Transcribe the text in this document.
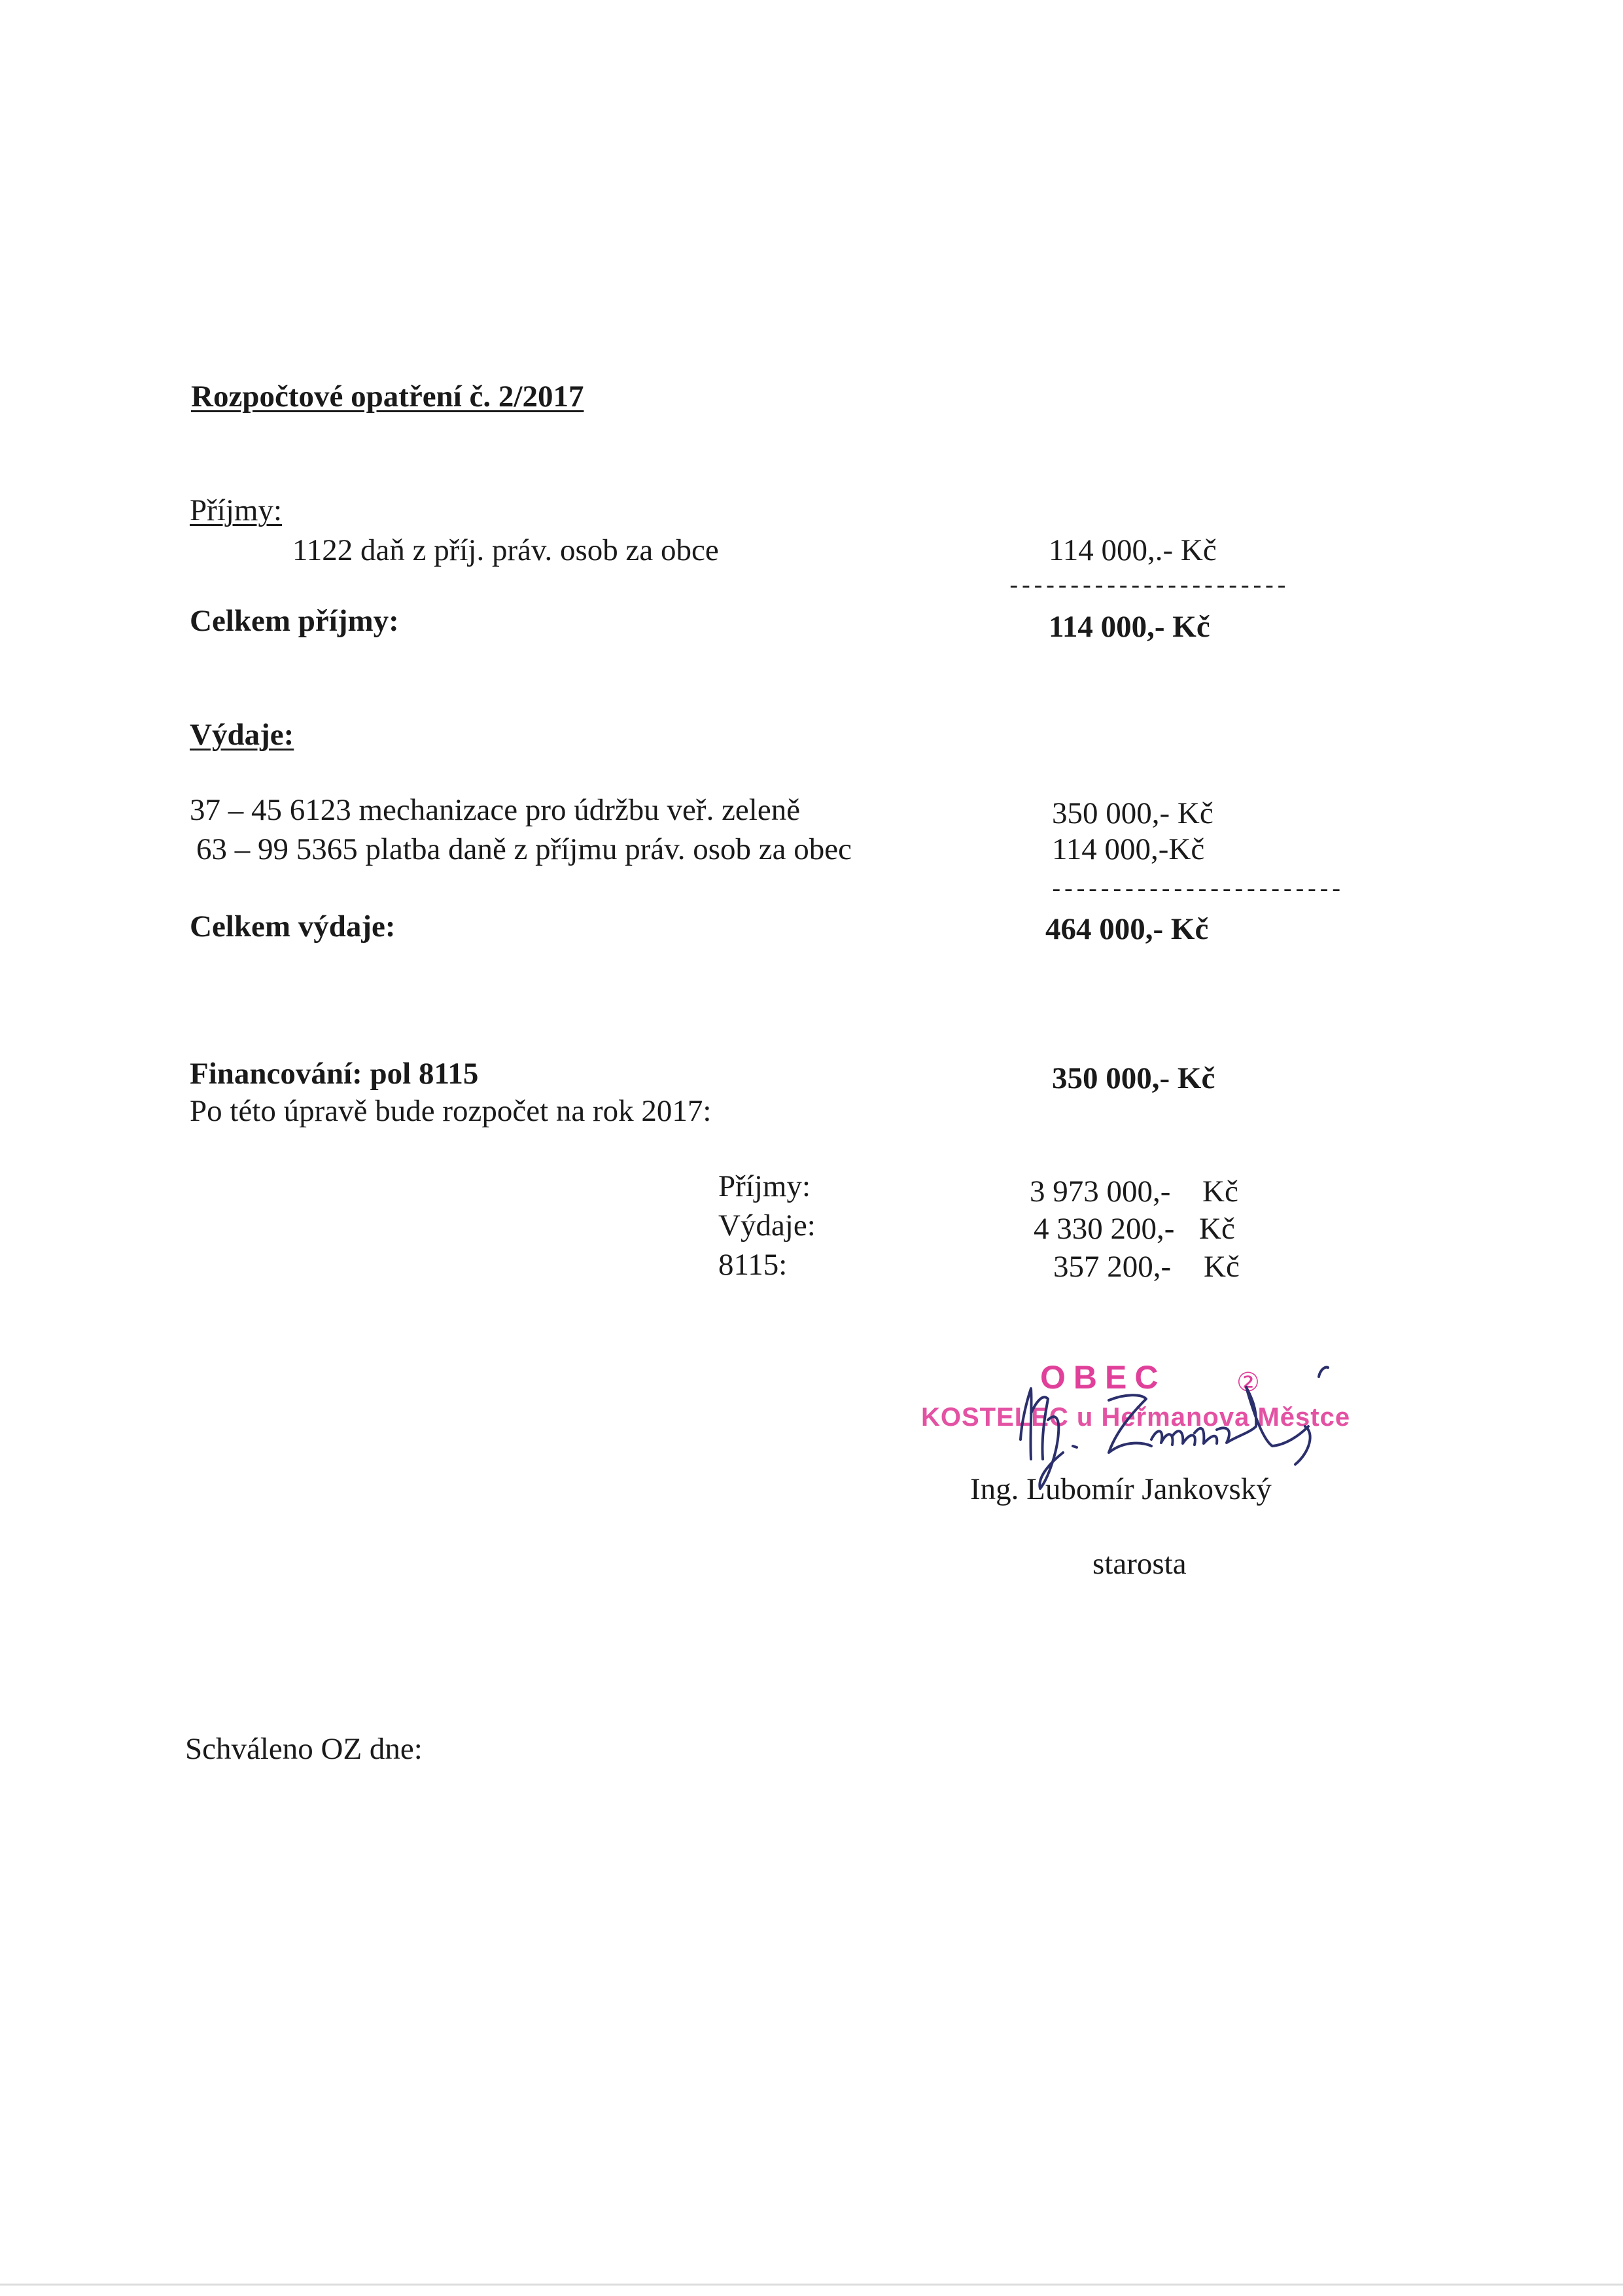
Rozpočtové opatření č. 2/2017
Příjmy:
1122 daň z příj. práv. osob za obce	114 000,.- Kč
-----------------------
Celkem příjmy:	114 000,- Kč
Výdaje:
37 – 45 6123 mechanizace pro údržbu veř. zeleně	350 000,- Kč
63 – 99 5365 platba daně z příjmu práv. osob za obec	114 000,-Kč
------------------------
Celkem výdaje:	464 000,- Kč
Financování: pol 8115	350 000,- Kč
Po této úpravě bude rozpočet na rok 2017:
Příjmy:	3 973 000,- Kč
Výdaje:	4 330 200,- Kč
8115:	357 200,- Kč
OBEC	②
KOSTELEC u Heřmanova Městce
Ing. Lubomír Jankovský
starosta
Schváleno OZ dne:
